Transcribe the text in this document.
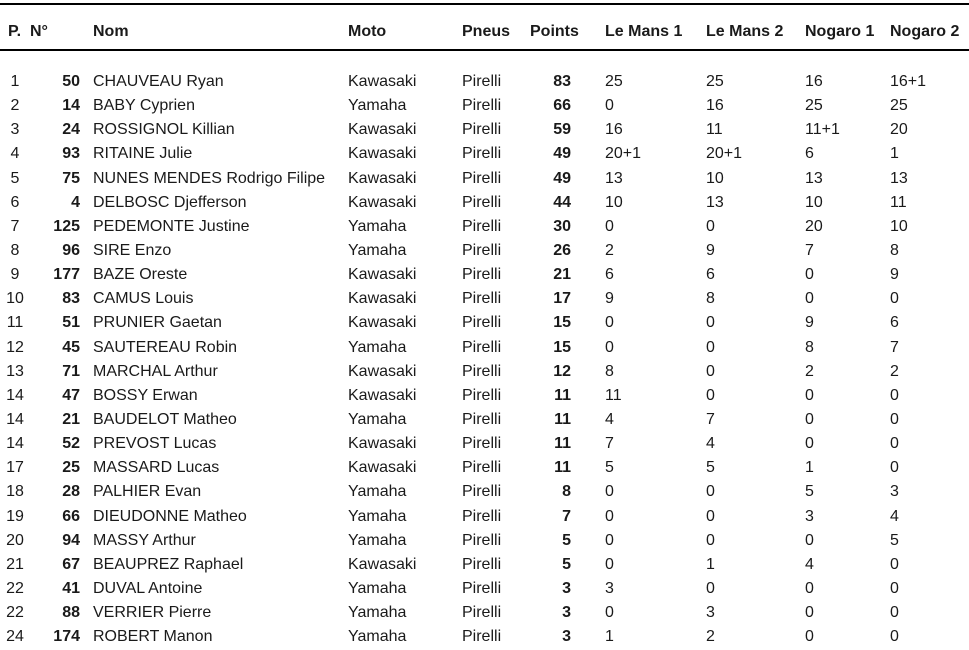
P.	N°	Nom	Moto	Pneus	Points	Le Mans 1	Le Mans 2	Nogaro 1	Nogaro 2

1	50	CHAUVEAU Ryan	Kawasaki	Pirelli	83	25	25	16	16+1
2	14	BABY Cyprien	Yamaha	Pirelli	66	0	16	25	25
3	24	ROSSIGNOL Killian	Kawasaki	Pirelli	59	16	11	11+1	20
4	93	RITAINE Julie	Kawasaki	Pirelli	49	20+1	20+1	6	1
5	75	NUNES MENDES Rodrigo Filipe	Kawasaki	Pirelli	49	13	10	13	13
6	4	DELBOSC Djefferson	Kawasaki	Pirelli	44	10	13	10	11
7	125	PEDEMONTE Justine	Yamaha	Pirelli	30	0	0	20	10
8	96	SIRE Enzo	Yamaha	Pirelli	26	2	9	7	8
9	177	BAZE Oreste	Kawasaki	Pirelli	21	6	6	0	9
10	83	CAMUS Louis	Kawasaki	Pirelli	17	9	8	0	0
11	51	PRUNIER Gaetan	Kawasaki	Pirelli	15	0	0	9	6
12	45	SAUTEREAU Robin	Yamaha	Pirelli	15	0	0	8	7
13	71	MARCHAL Arthur	Kawasaki	Pirelli	12	8	0	2	2
14	47	BOSSY Erwan	Kawasaki	Pirelli	11	11	0	0	0
14	21	BAUDELOT Matheo	Yamaha	Pirelli	11	4	7	0	0
14	52	PREVOST Lucas	Kawasaki	Pirelli	11	7	4	0	0
17	25	MASSARD Lucas	Kawasaki	Pirelli	11	5	5	1	0
18	28	PALHIER Evan	Yamaha	Pirelli	8	0	0	5	3
19	66	DIEUDONNE Matheo	Yamaha	Pirelli	7	0	0	3	4
20	94	MASSY Arthur	Yamaha	Pirelli	5	0	0	0	5
21	67	BEAUPREZ Raphael	Kawasaki	Pirelli	5	0	1	4	0
22	41	DUVAL Antoine	Yamaha	Pirelli	3	3	0	0	0
22	88	VERRIER Pierre	Yamaha	Pirelli	3	0	3	0	0
24	174	ROBERT Manon	Yamaha	Pirelli	3	1	2	0	0
